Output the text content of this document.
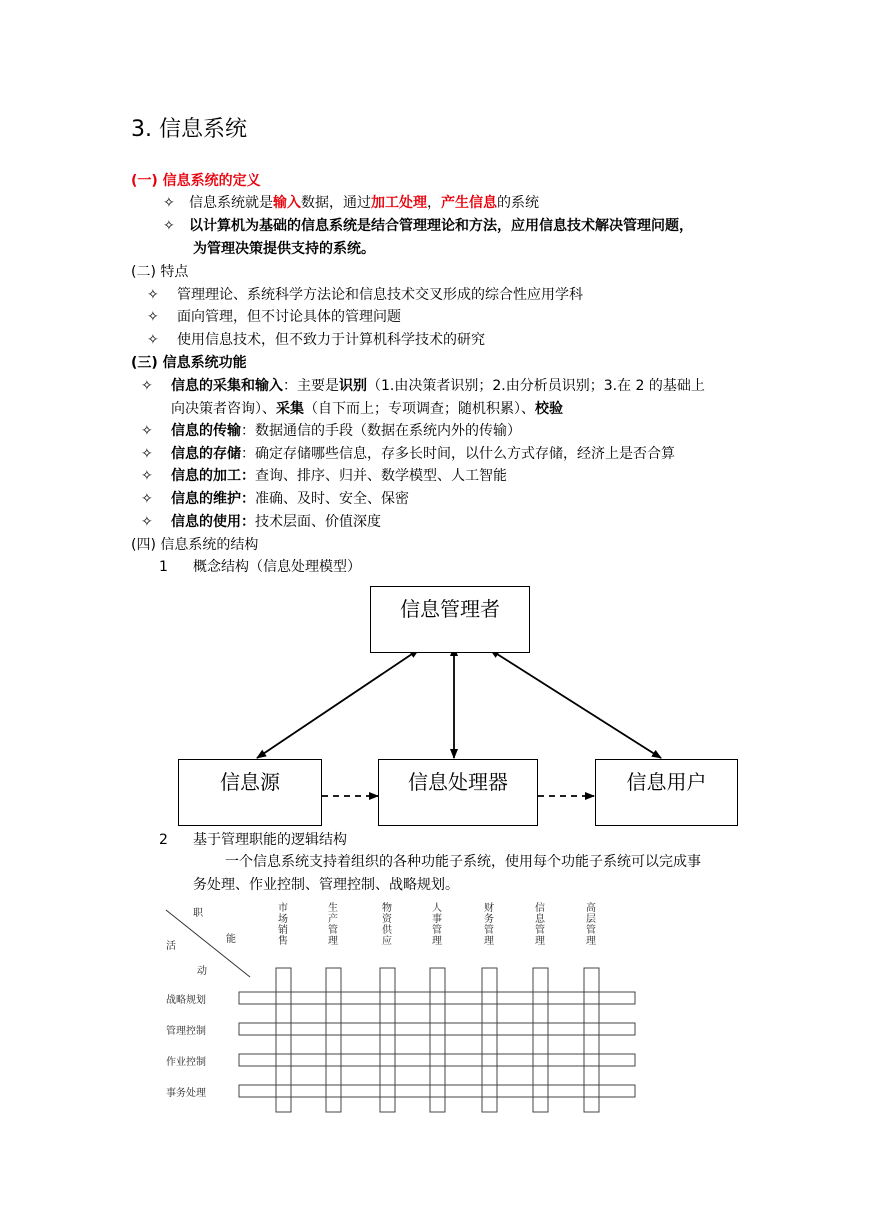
3. 信息系统
(一) 信息系统的定义
✧ 信息系统就是输入数据，通过加工处理，产生信息的系统
✧ 以计算机为基础的信息系统是结合管理理论和方法，应用信息技术解决管理问题，
为管理决策提供支持的系统。
(二) 特点
✧ 管理理论、系统科学方法论和信息技术交叉形成的综合性应用学科
✧ 面向管理，但不讨论具体的管理问题
✧ 使用信息技术，但不致力于计算机科学技术的研究
(三) 信息系统功能
✧ 信息的采集和输入：主要是识别（1.由决策者识别；2.由分析员识别；3.在 2 的基础上
向决策者咨询）、采集（自下而上；专项调查；随机积累）、校验
✧ 信息的传输：数据通信的手段（数据在系统内外的传输）
✧ 信息的存储：确定存储哪些信息，存多长时间，以什么方式存储，经济上是否合算
✧ 信息的加工：查询、排序、归并、数学模型、人工智能
✧ 信息的维护：准确、及时、安全、保密
✧ 信息的使用：技术层面、价值深度
(四) 信息系统的结构
1 概念结构（信息处理模型）
信息管理者
信息源	信息处理器	信息用户
2 基于管理职能的逻辑结构
一个信息系统支持着组织的各种功能子系统，使用每个功能子系统可以完成事
务处理、作业控制、管理控制、战略规划。
职
能
活
动
市场销售
生产管理
物资供应
人事管理
财务管理
信息管理
高层管理
战略规划
管理控制
作业控制
事务处理
